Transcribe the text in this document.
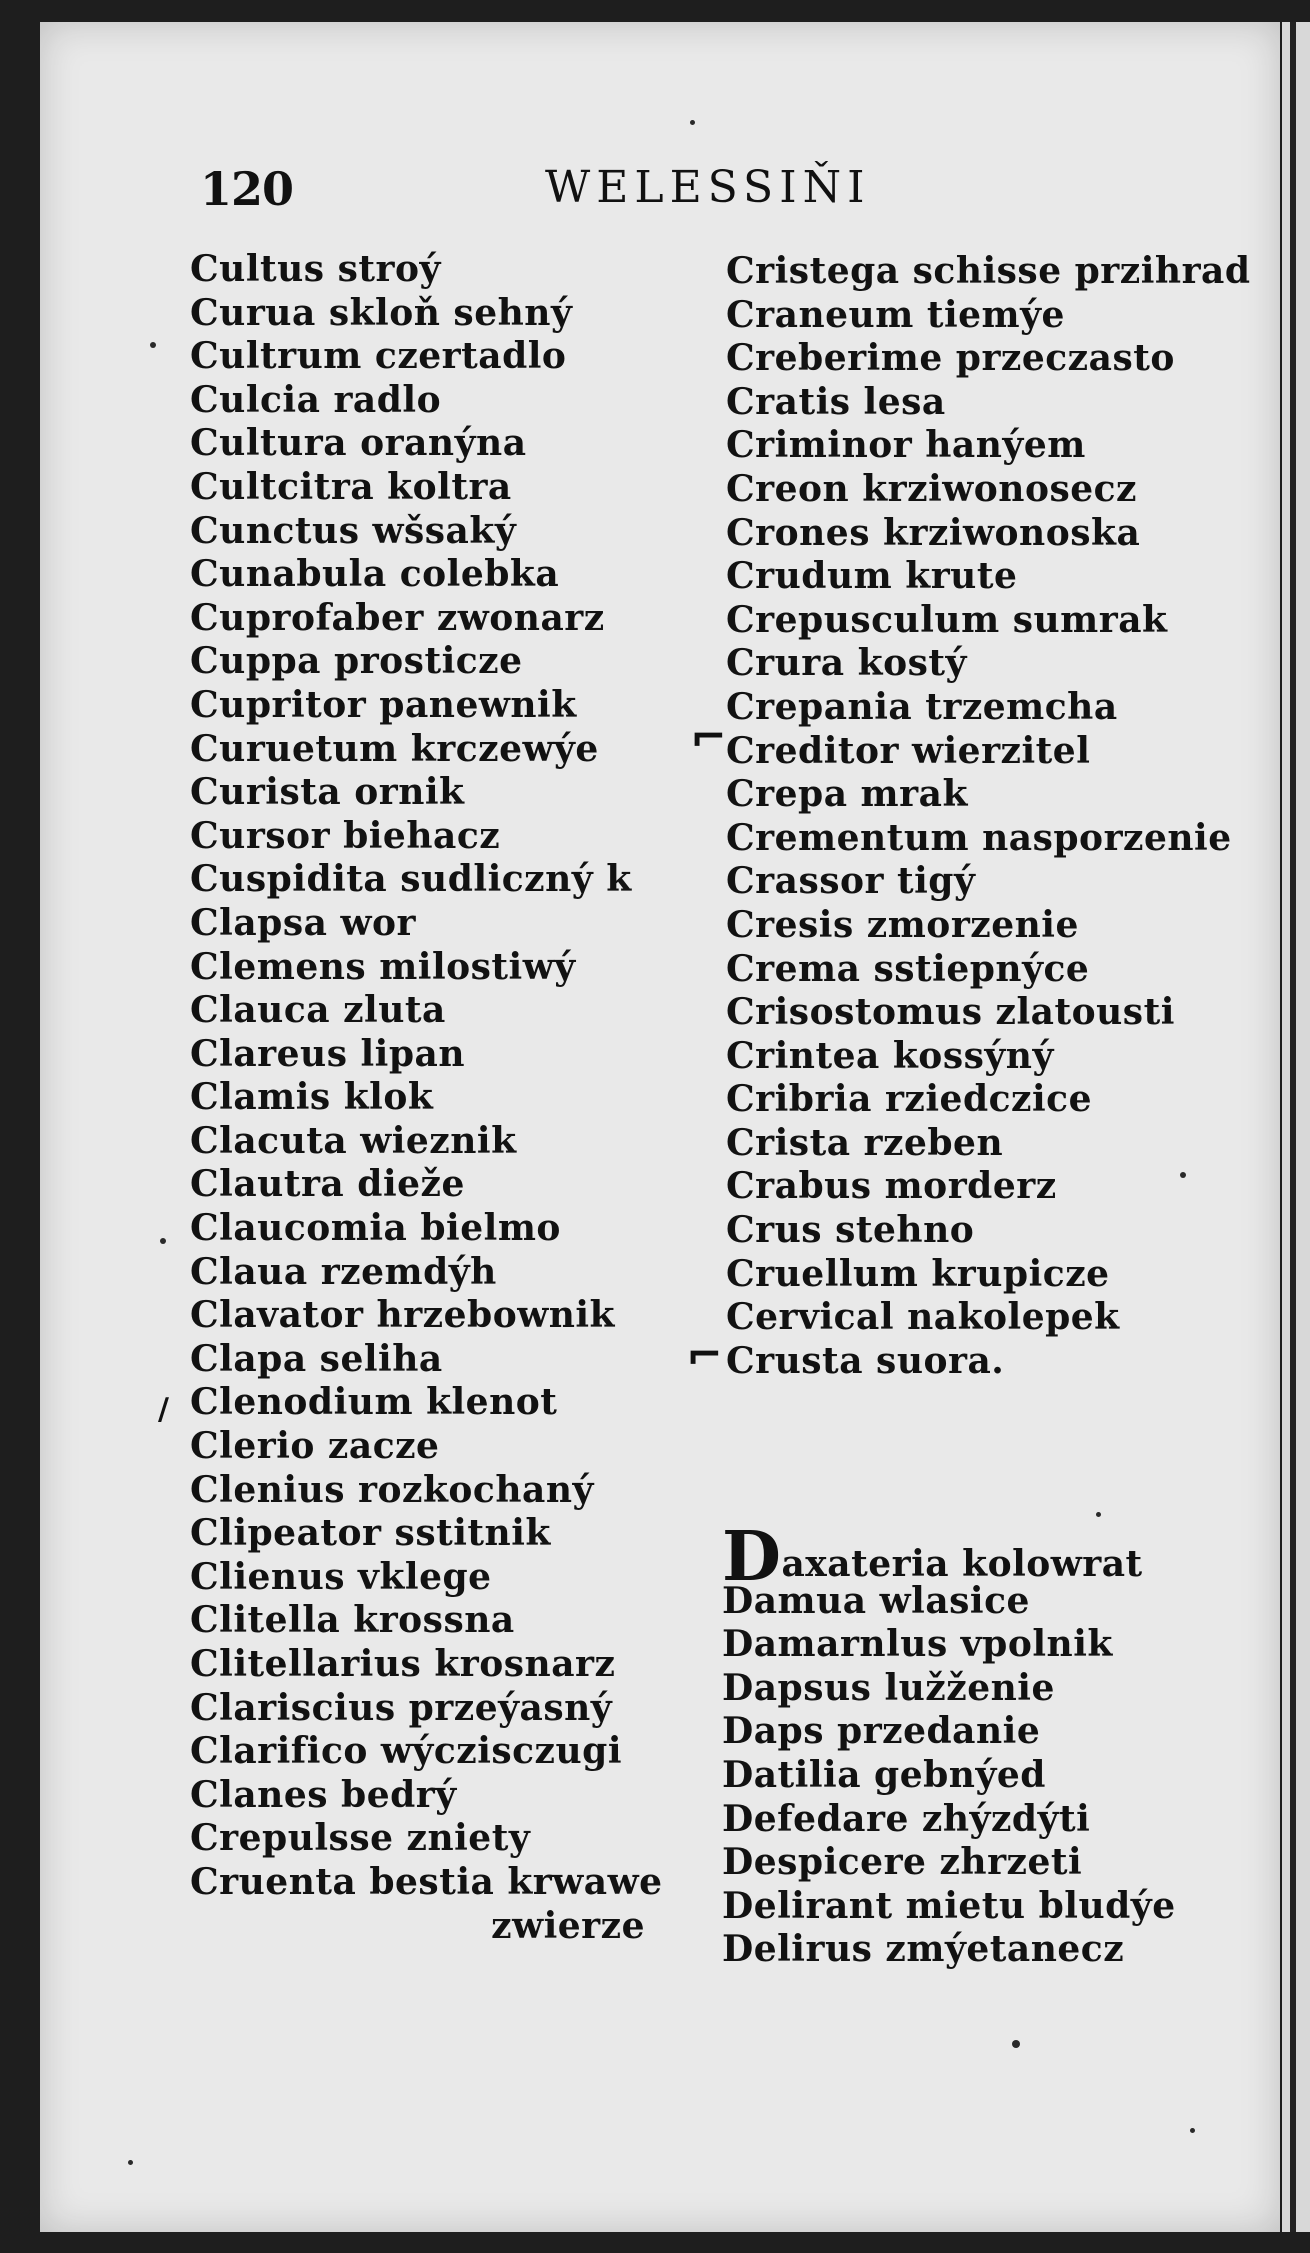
120	WELESSIŇI
Cultus stroý
Curua skloň sehný
Cultrum czertadlo
Culcia radlo
Cultura oranýna
Cultcitra koltra
Cunctus wšsaký
Cunabula colebka
Cuprofaber zwonarz
Cuppa prosticze
Cupritor panewnik
Curuetum krczewýe
Curista ornik
Cursor biehacz
Cuspidita sudliczný k
Clapsa wor
Clemens milostiwý
Clauca zluta
Clareus lipan
Clamis klok
Clacuta wieznik
Clautra dieže
Claucomia bielmo
Claua rzemdýh
Clavator hrzebownik
Clapa seliha
Clenodium klenot
Clerio zacze
Clenius rozkochaný
Clipeator sstitnik
Clienus vklege
Clitella krossna
Clitellarius krosnarz
Clariscius przeýasný
Clarifico wýczisczugi
Clanes bedrý
Crepulsse zniety
Cruenta bestia krwawe
zwierze
Cristega schisse przihrad
Craneum tiemýe
Creberime przeczasto
Cratis lesa
Criminor hanýem
Creon krziwonosecz
Crones krziwonoska
Crudum krute
Crepusculum sumrak
Crura kostý
Crepania trzemcha
Creditor wierzitel
Crepa mrak
Crementum nasporzenie
Crassor tigý
Cresis zmorzenie
Crema sstiepnýce
Crisostomus zlatousti
Crintea kossýný
Cribria rziedczice
Crista rzeben
Crabus morderz
Crus stehno
Cruellum krupicze
Cervical nakolepek
Crusta suora.
Daxateria kolowrat
Damua wlasice
Damarnlus vpolnik
Dapsus lužženie
Daps przedanie
Datilia gebnýed
Defedare zhýzdýti
Despicere zhrzeti
Delirant mietu bludýe
Delirus zmýetanecz
⌐
⌐
/
